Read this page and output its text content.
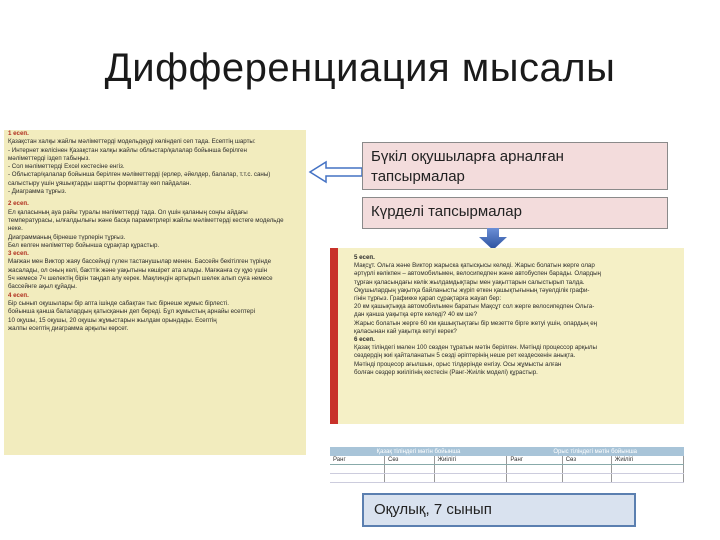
Дифференциация мысалы
1 есеп.
Қазақстан халқы жайлы мәліметтерді модельдеуді көлінделі сеп тада. Есептің шарты:
- Интернет желісінен Қазақстан халқы жайлы облыстар/қалалар бойынша берілген
мәліметтерді іздеп табыңыз.
- Сол мәліметтерді Excel кестесіне енгіз.
- Облыстар/қалалар бойынша берілген мәліметтерді (ерлер, әйелдер, балалар, т.т.с. саны)
салыстыру үшін ұяшықтарды шартты форматтау көп пайдалан.
- Диаграмма тұрғыз.
2 есеп.
Ел қаласының ауа райы туралы мәліметтерді тада. Ол үшін қаланың соңғы айдағы
температурасы, ылғалдылығы және басқа параметрлері жайлы мәліметтерді кестеге модельде
неке.
Диаграмманың бірнеше түрлерін тұрғыз.
Бел келген мәліметтер бойынша сұрақтар құрастыр.
3 есеп.
Мағжан мен Виктор жаяу бассейнді гүлен тастанушылар менен. Бассейн бекітілген түрінде
жасалады, ол оның келі, бакттік және уақытыны көшірет ата алады. Мағжанға су құю үшін
5ч немесе 7ч шелектің бірін таңдап алу керек. Мақлиндін артырып шелек алып суға немесе
бассейнге ақыл құйады.
4 есеп.
Бір сынып оқушылары бір апта ішінде сабақтан тыс бірнеше жұмыс бірлесті.
бойынша қанша балалардың қатысқанын деп береді. Бұл жұмыстың арнайы есептері
10 оқушы, 15 оқушы, 20 оқушы жұмыстарын жылдам орындады. Есептің
жалпы есептің диаграмма арқылы көрсет.
Бүкіл оқушыларға арналған тапсырмалар
Күрделі тапсырмалар
5 есеп.
Мақсұт. Ольга және Виктор жарыска қатысқысы келеді. Жарыс болатын жерге олар
әртүрлі көлікпен – автомобильмен, велосипедпен және автобуспен барады. Олардың
тұрған қаласындағы көлік жылдамдықтары мен уақыттарын салыстырып талда.
Оқушылардың уақытқа байланысты жүріп өткен қашықтығының тәуелділік графи-
гінін тұрғыз. Графикке қарап сұрақтарға жауап бер:
20 км қашықтыққа автомобильмен баратын Мақсұт сол жерге велосипедпен Ольга-
дан қанша уақытқа ерте келеді? 40 км ше?
Жарыс болатын жерге 60 км қашықтықтағы бір мезетте бірге жетуі үшін, олардың ең
қаласынан кай уақытқа кетуі керек?
6 есеп.
Қазақ тіліндегі мәлен 100 сөзден тұратын мәтін берілген. Мәтінді процессор арқылы
сөздердің жиі қайталанатын 5 сөзді әріптерінің неше рет кездескенін анықта.
Мәтінді процесор ағылшын, орыс тілдерінде енгізу. Осы жұмысты алған
болған сөздер жиілігінің кестесін (Ранг-Жиілік моделі) құрастыр.
Қазақ тіліндегі мәтін бойынша			Орыс тіліндегі мәтін бойынша		
Ранг	Сөз	Жиілігі	Ранг	Сөз	Жиілігі

Оқулық, 7 сынып
